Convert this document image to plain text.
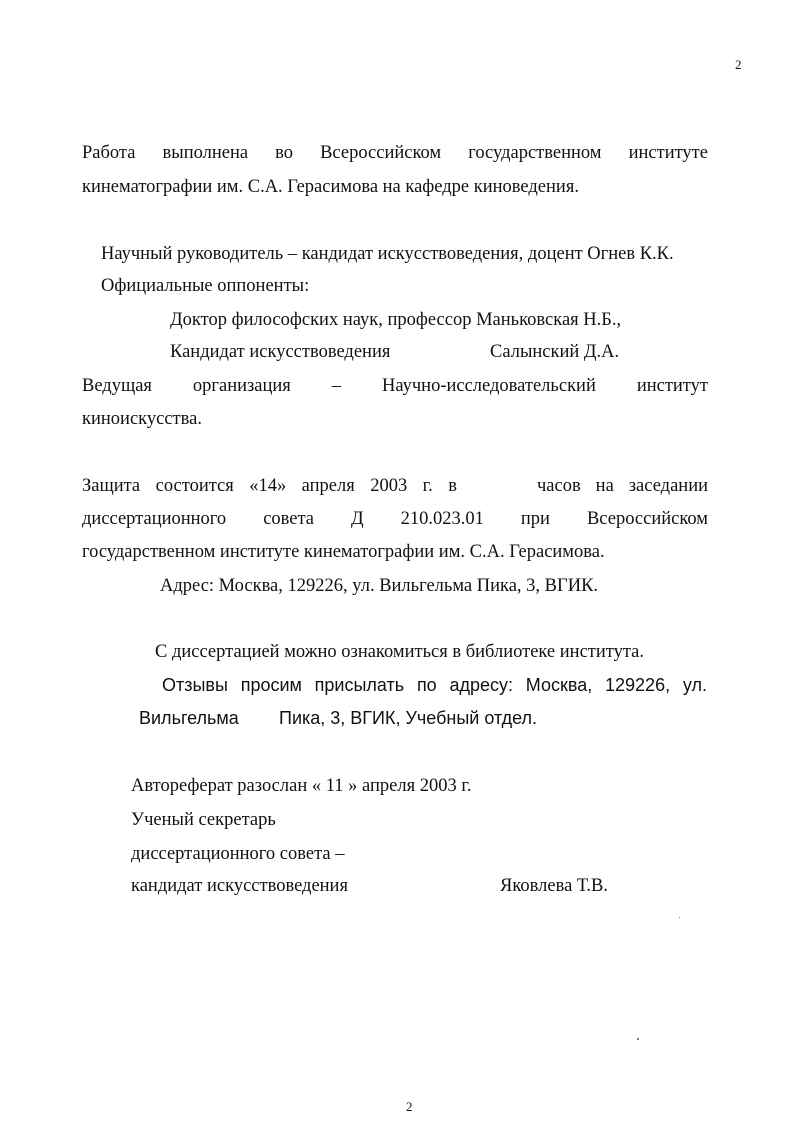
2
Работа выполнена во Всероссийском государственном институте
кинематографии им. С.А. Герасимова на кафедре киноведения.
Научный руководитель – кандидат искусствоведения, доцент Огнев К.К.
Официальные оппоненты:
Доктор философских наук, профессор Маньковская Н.Б.,
Кандидат искусствоведения	Салынский Д.А.
Ведущая организация – Научно-исследовательский институт
киноискусства.
Защита состоится «14» апреля 2003 г. в	часов на заседании
диссертационного совета Д 210.023.01 при Всероссийском
государственном институте кинематографии им. С.А. Герасимова.
Адрес: Москва, 129226, ул. Вильгельма Пика, 3, ВГИК.
С диссертацией можно ознакомиться в библиотеке института.
Отзывы просим присылать по адресу: Москва, 129226, ул.
Вильгельма Пика, 3, ВГИК, Учебный отдел.
Автореферат разослан « 11 » апреля 2003 г.
Ученый секретарь
диссертационного совета –
кандидат искусствоведения	Яковлева Т.В.
2
